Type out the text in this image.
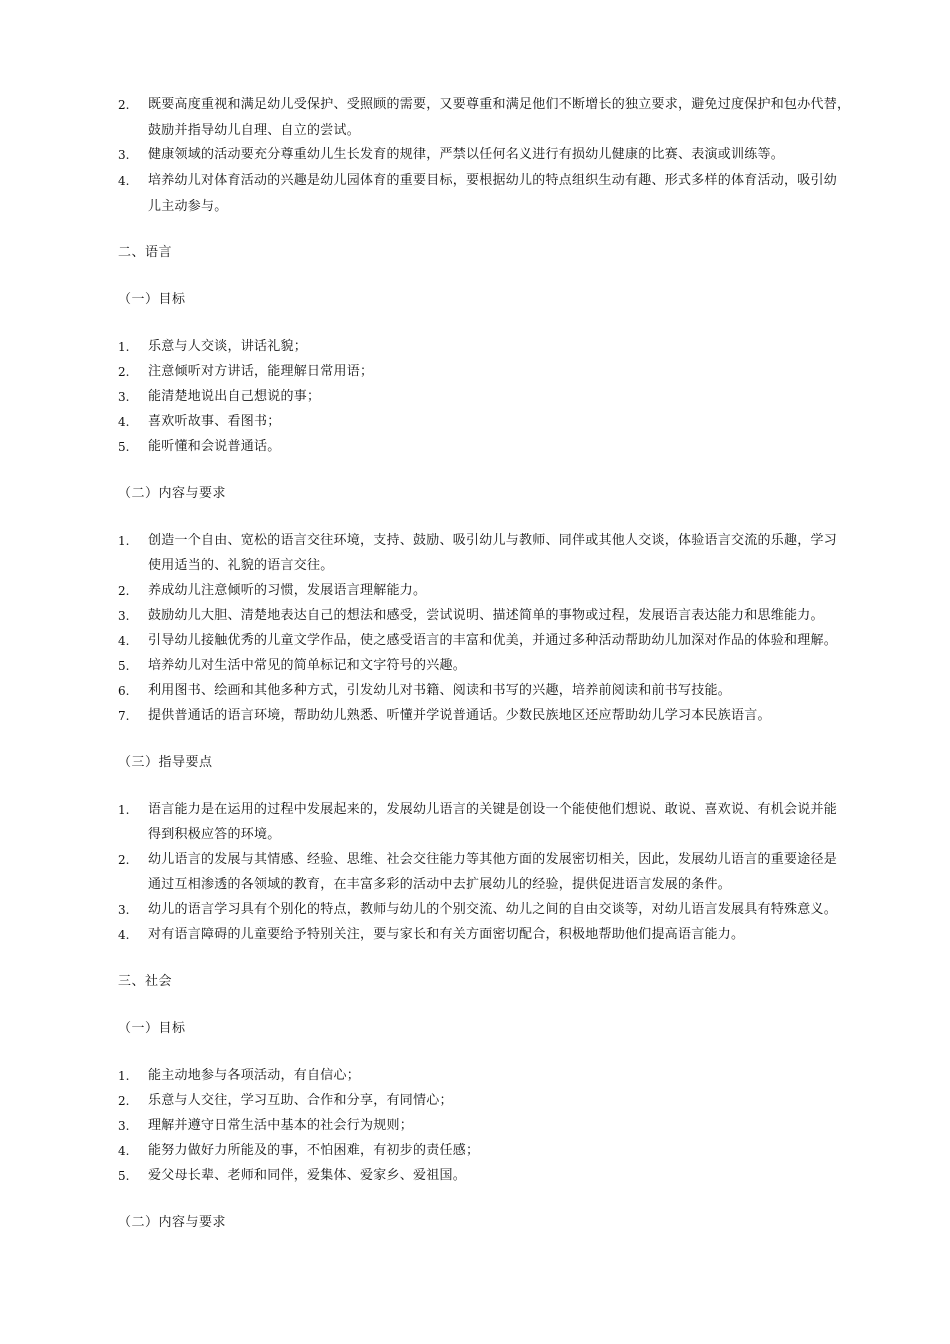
2. 既要高度重视和满足幼儿受保护、受照顾的需要，又要尊重和满足他们不断增长的独立要求，避免过度保护和包办代替，
鼓励并指导幼儿自理、自立的尝试。
3. 健康领域的活动要充分尊重幼儿生长发育的规律，严禁以任何名义进行有损幼儿健康的比赛、表演或训练等。
4. 培养幼儿对体育活动的兴趣是幼儿园体育的重要目标，要根据幼儿的特点组织生动有趣、形式多样的体育活动，吸引幼
儿主动参与。
二、语言
（一）目标
1. 乐意与人交谈，讲话礼貌；
2. 注意倾听对方讲话，能理解日常用语；
3. 能清楚地说出自己想说的事；
4. 喜欢听故事、看图书；
5. 能听懂和会说普通话。
（二）内容与要求
1. 创造一个自由、宽松的语言交往环境，支持、鼓励、吸引幼儿与教师、同伴或其他人交谈，体验语言交流的乐趣，学习
使用适当的、礼貌的语言交往。
2. 养成幼儿注意倾听的习惯，发展语言理解能力。
3. 鼓励幼儿大胆、清楚地表达自己的想法和感受，尝试说明、描述简单的事物或过程，发展语言表达能力和思维能力。
4. 引导幼儿接触优秀的儿童文学作品，使之感受语言的丰富和优美，并通过多种活动帮助幼儿加深对作品的体验和理解。
5. 培养幼儿对生活中常见的简单标记和文字符号的兴趣。
6. 利用图书、绘画和其他多种方式，引发幼儿对书籍、阅读和书写的兴趣，培养前阅读和前书写技能。
7. 提供普通话的语言环境，帮助幼儿熟悉、听懂并学说普通话。少数民族地区还应帮助幼儿学习本民族语言。
（三）指导要点
1. 语言能力是在运用的过程中发展起来的，发展幼儿语言的关键是创设一个能使他们想说、敢说、喜欢说、有机会说并能
得到积极应答的环境。
2. 幼儿语言的发展与其情感、经验、思维、社会交往能力等其他方面的发展密切相关，因此，发展幼儿语言的重要途径是
通过互相渗透的各领域的教育，在丰富多彩的活动中去扩展幼儿的经验，提供促进语言发展的条件。
3. 幼儿的语言学习具有个别化的特点，教师与幼儿的个别交流、幼儿之间的自由交谈等，对幼儿语言发展具有特殊意义。
4. 对有语言障碍的儿童要给予特别关注，要与家长和有关方面密切配合，积极地帮助他们提高语言能力。
三、社会
（一）目标
1. 能主动地参与各项活动，有自信心；
2. 乐意与人交往，学习互助、合作和分享，有同情心；
3. 理解并遵守日常生活中基本的社会行为规则；
4. 能努力做好力所能及的事，不怕困难，有初步的责任感；
5. 爱父母长辈、老师和同伴，爱集体、爱家乡、爱祖国。
（二）内容与要求
